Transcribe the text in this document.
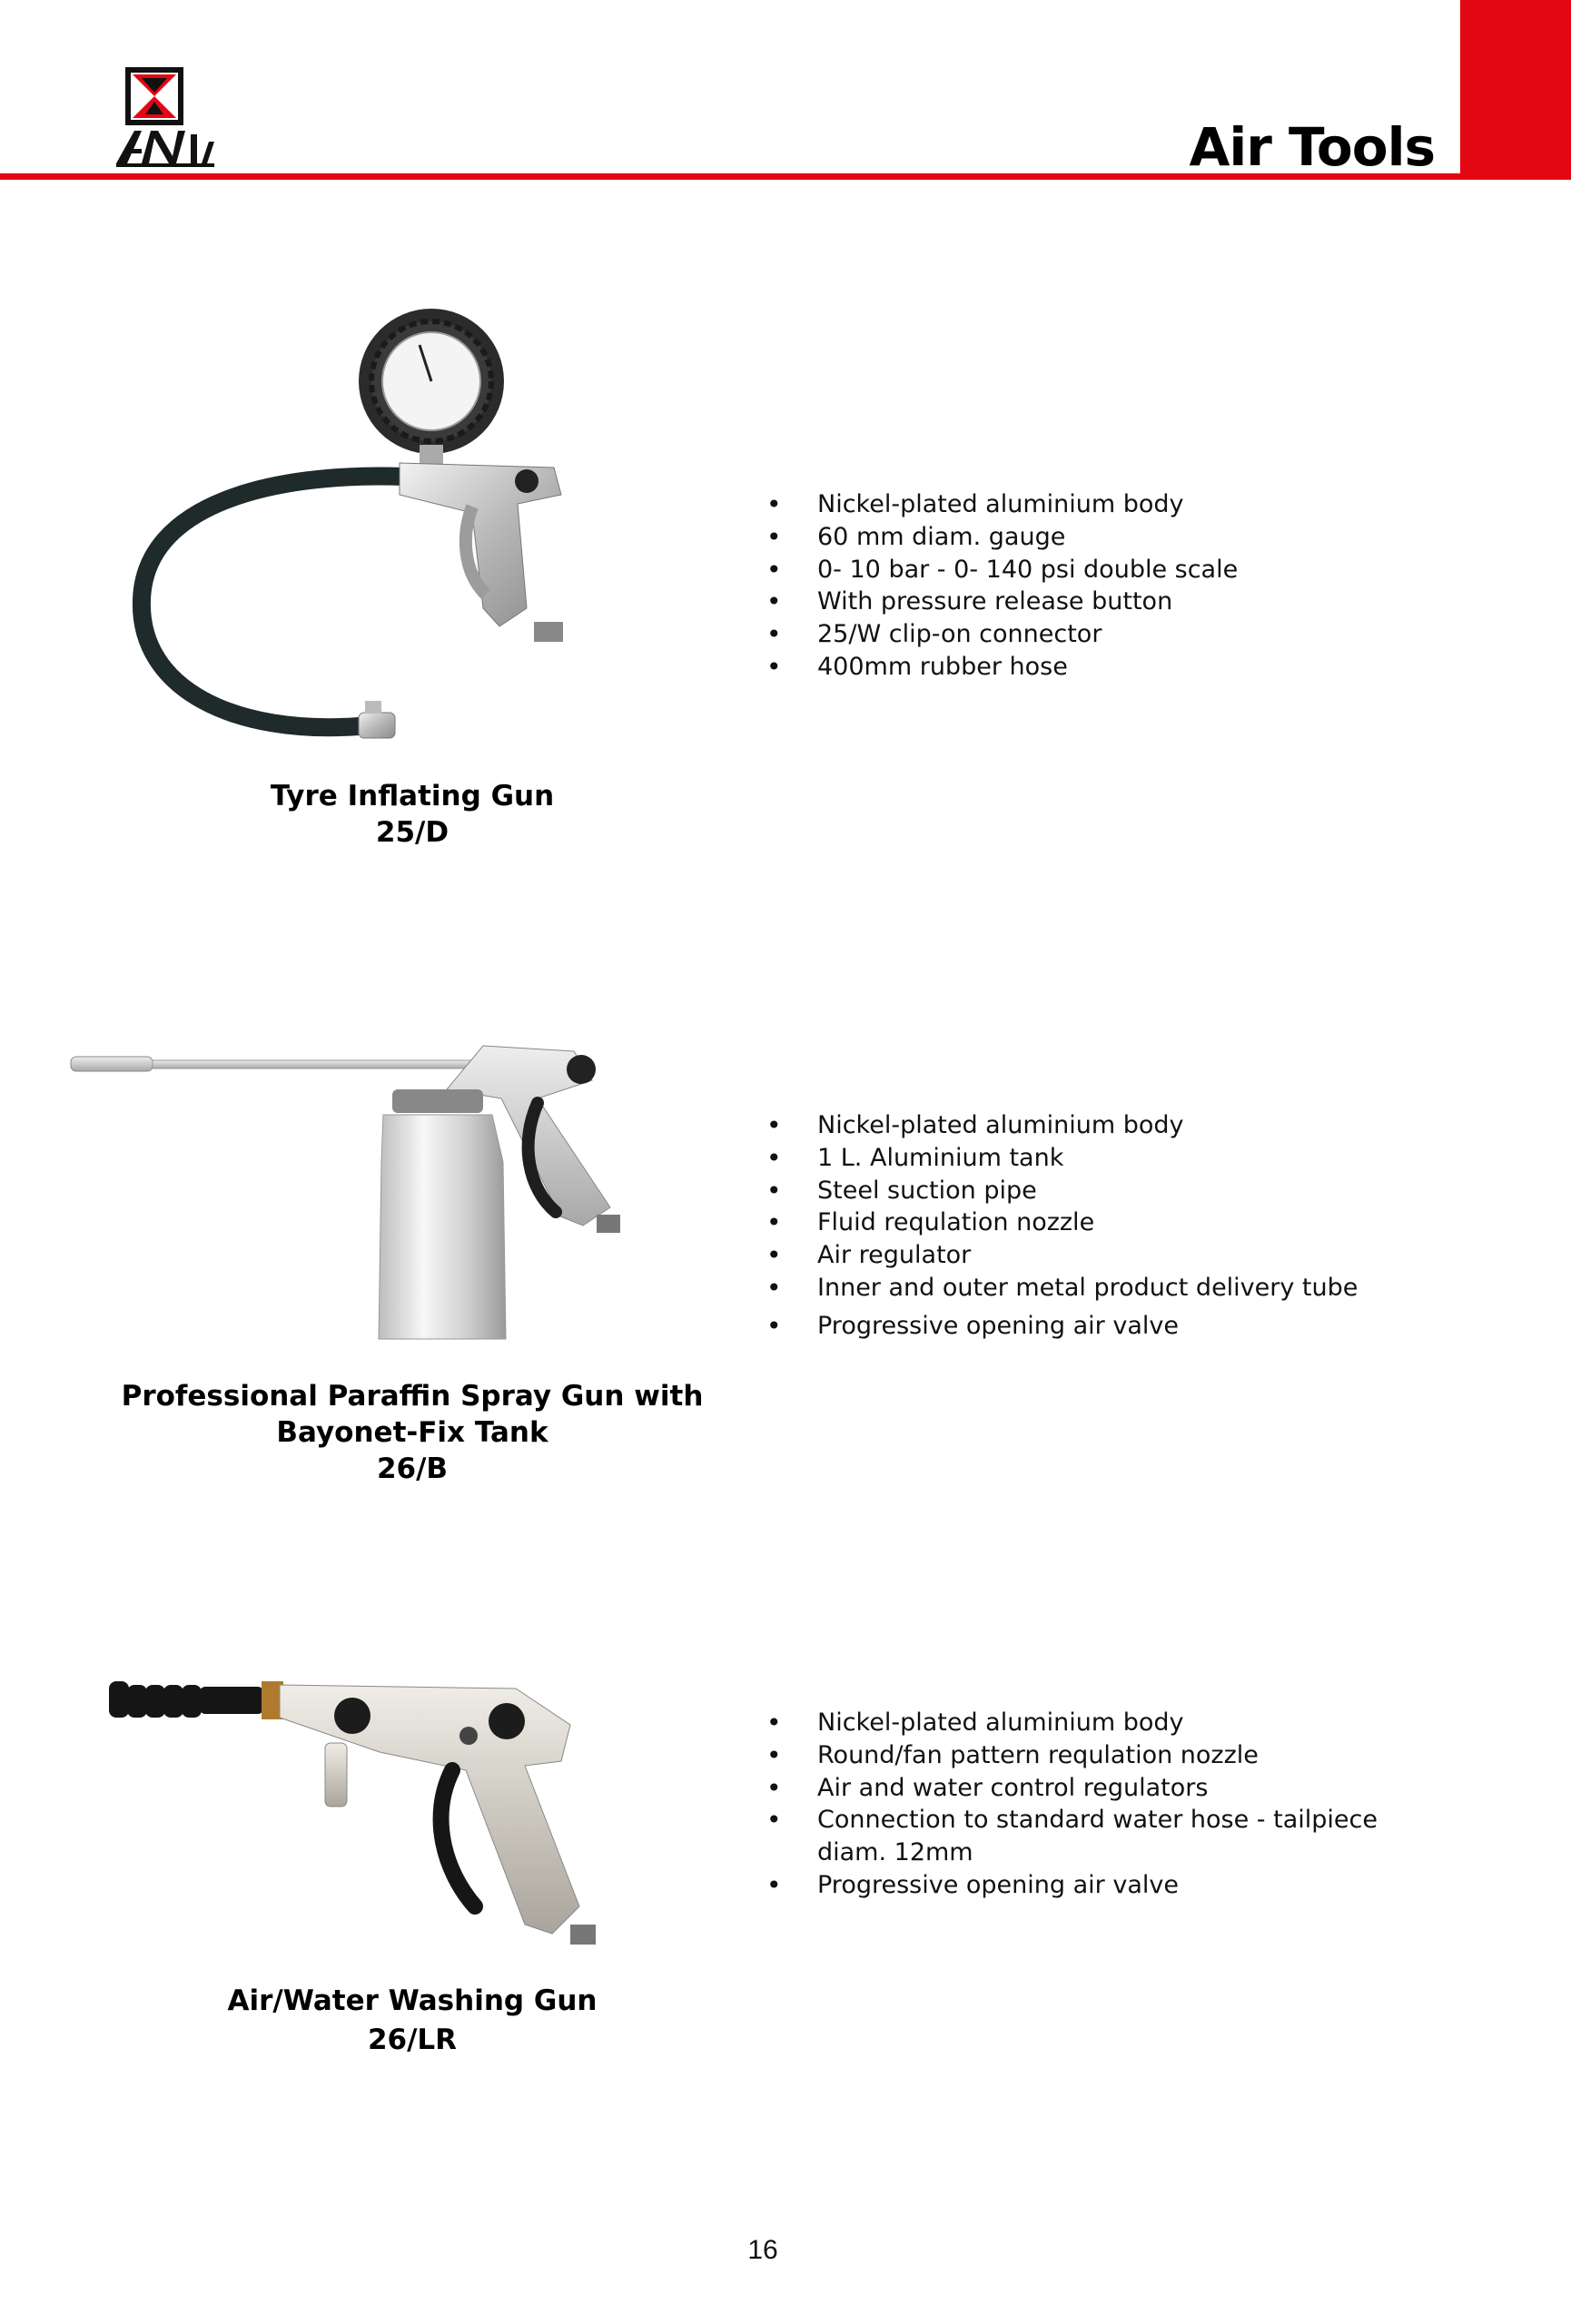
Air Tools
Tyre Inflating Gun
25/D
• Nickel-plated aluminium body
• 60 mm diam. gauge
• 0- 10 bar - 0- 140 psi double scale
• With pressure release button
• 25/W clip-on connector
• 400mm rubber hose
Professional Paraffin Spray Gun with
Bayonet-Fix Tank
26/B
• Nickel-plated aluminium body
• 1 L. Aluminium tank
• Steel suction pipe
• Fluid requlation nozzle
• Air regulator
• Inner and outer metal product delivery tube
• Progressive opening air valve
Air/Water Washing Gun
26/LR
• Nickel-plated aluminium body
• Round/fan pattern requlation nozzle
• Air and water control regulators
• Connection to standard water hose - tailpiece
diam. 12mm
• Progressive opening air valve
16
